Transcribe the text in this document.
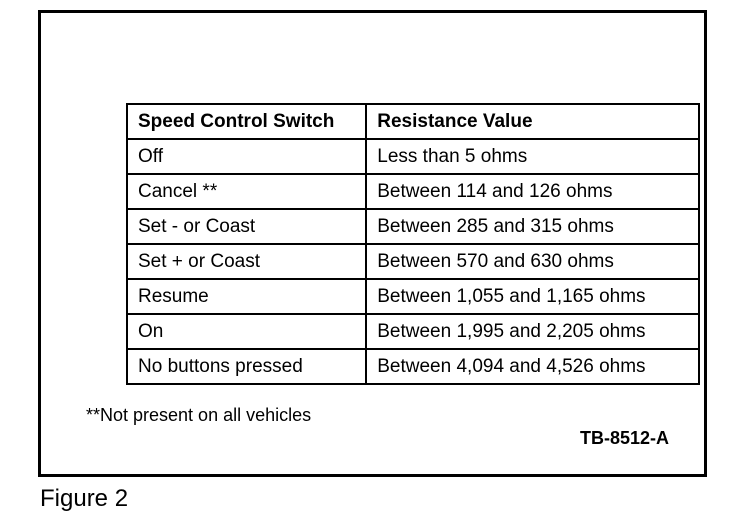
Speed Control Switch	Resistance Value
Off	Less than 5 ohms
Cancel **	Between 114 and 126 ohms
Set - or Coast	Between 285 and 315 ohms
Set + or Coast	Between 570 and 630 ohms
Resume	Between 1,055 and 1,165 ohms
On	Between 1,995 and 2,205 ohms
No buttons pressed	Between 4,094 and 4,526 ohms
**Not present on all vehicles
TB-8512-A
Figure 2
